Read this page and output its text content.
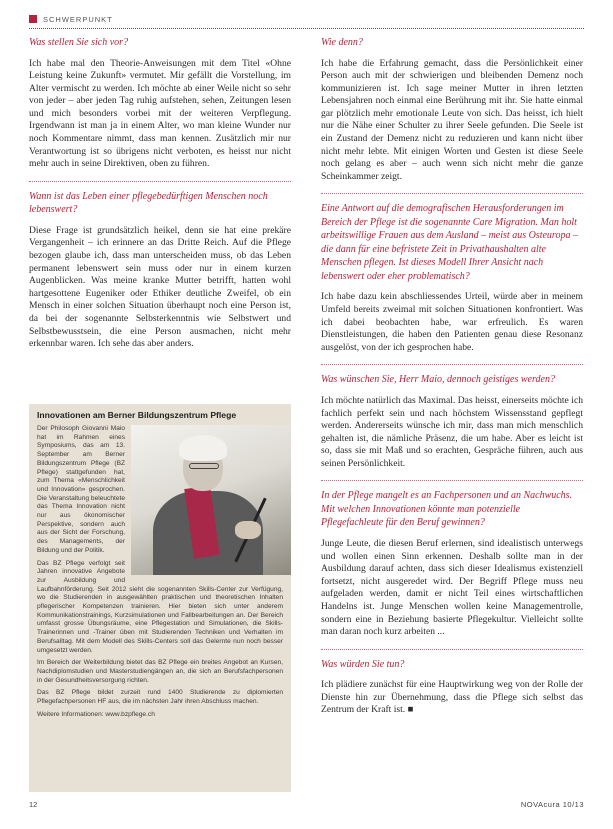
SCHWERPUNKT
Was stellen Sie sich vor?
Ich habe mal den Theorie-Anweisungen mit dem Titel «Ohne Leistung keine Zukunft» vermutet. Mir gefällt die Vorstellung, im Alter vermischt zu werden. Ich möchte ab einer Weile nicht so sehr von jeder – aber jeden Tag ruhig aufstehen, sehen, Zeitungen lesen und mich besonders vorbei mit der weiteren Verpflegung. Irgendwann ist man ja in einem Alter, wo man kleine Wunder nur noch Kommentare nimmt, dass man kennen. Zusätzlich mir nur Verantwortung ist so übrigens nicht verboten, es heisst nur nicht mehr auch in seine Direktiven, oben zu führen.
Wann ist das Leben einer pflegebedürftigen Menschen noch lebenswert?
Diese Frage ist grundsätzlich heikel, denn sie hat eine prekäre Vergangenheit – ich erinnere an das Dritte Reich. Auf die Pflege bezogen glaube ich, dass man unterscheiden muss, ob das Leben permanent lebenswert sein muss oder nur in einem kurzen Augenblicken. Was meine kranke Mutter betrifft, hatten wohl hartgesottene Eugeniker oder Ethiker deutliche Zweifel, ob ein Mensch in einer solchen Situation überhaupt noch eine Person ist, da bei der sogenannte Selbsterkenntnis wie Selbstwert und Selbstbewusstsein, die eine Person ausmachen, nicht mehr erkennbar waren. Ich sehe das aber anders.
Innovationen am Berner Bildungszentrum Pflege
Der Philosoph Giovanni Maio hat im Rahmen eines Symposiums, das am 13. September am Berner Bildungszentrum Pflege (BZ Pflege) stattgefunden hat, zum Thema «Menschlichkeit und Innovation» gesprochen. Die Veranstaltung beleuchtete das Thema Innovation nicht nur aus ökonomischer Perspektive, sondern auch aus der Sicht der Forschung, des Managements, der Bildung und der Politik.
Das BZ Pflege verfolgt seit Jahren innovative Angebote zur Ausbildung und Laufbahnförderung. Seit 2012 sieht die sogenannten Skills-Center zur Verfügung, wo die Studierenden in ausgewählten praktischen und theoretischen Inhalten pflegerischer Kompetenzen trainieren. Hier bieten sich unter anderem Kommunikationstrainings, Kurzsimulationen und Fallbearbeitungen an. Der Bereich umfasst grosse Übungsräume, eine Pflegestation und Simulationen, die Skills-Trainerinnen und -Trainer üben mit Studierenden Techniken und Verhalten im Berufsalltag. Mit dem Modell des Skills-Centers soll das Gelernte nun noch besser umgesetzt werden.
Im Bereich der Weiterbildung bietet das BZ Pflege ein breites Angebot an Kursen, Nachdiplomstudien und Masterstudiengängen an, die sich an Berufsfachpersonen in der Gesundheitsversorgung richten.
Das BZ Pflege bildet zurzeit rund 1400 Studierende zu diplomierten Pflegefachpersonen HF aus, die im nächsten Jahr ihren Abschluss machen.
Weitere Informationen: www.bzpflege.ch
Wie denn?
Ich habe die Erfahrung gemacht, dass die Persönlichkeit einer Person auch mit der schwierigen und bleibenden Demenz noch kommunizieren ist. Ich sage meiner Mutter in ihren letzten Lebensjahren noch einmal eine Berührung mit ihr. Sie hatte einmal gar plötzlich mehr emotionale Leute von sich. Das heisst, ich hielt nur die Nähe einer Schulter zu ihrer Seele gefunden. Die Seele ist ein Zustand der Demenz nicht zu reduzieren und kann nicht über nicht mehr lebte. Mit einigen Worten und Gesten ist diese Seele noch gelang es aber – auch wenn sich nicht mehr die ganze Scheinkammer zeigt.
Eine Antwort auf die demografischen Herausforderungen im Bereich der Pflege ist die sogenannte Care Migration. Man holt arbeitswillige Frauen aus dem Ausland – meist aus Osteuropa – die dann für eine befristete Zeit in Privathaushalten alte Menschen pflegen. Ist dieses Modell Ihrer Ansicht nach lebenswert oder eher problematisch?
Ich habe dazu kein abschliessendes Urteil, würde aber in meinem Umfeld bereits zweimal mit solchen Situationen konfrontiert. Was ich dabei beobachten habe, war erfreulich. Es waren Dienstleistungen, die haben den Patienten genau diese Resonanz ausgelöst, von der ich gesprochen habe.
Was wünschen Sie, Herr Maio, dennoch geistiges werden?
Ich möchte natürlich das Maximal. Das heisst, einerseits möchte ich fachlich perfekt sein und nach höchstem Wissensstand gepflegt werden. Andererseits wünsche ich mir, dass man mich menschlich gehalten ist, die nämliche Präsenz, die um habe. Aber es leicht ist so, dass sie mit Maß und so erachten, Gespräche führen, auch aus seinen Persönlichkeit.
In der Pflege mangelt es an Fachpersonen und an Nachwuchs. Mit welchen Innovationen könnte man potenzielle Pflegefachleute für den Beruf gewinnen?
Junge Leute, die diesen Beruf erlernen, sind idealistisch unterwegs und wollen einen Sinn erkennen. Deshalb sollte man in der Ausbildung darauf achten, dass sich dieser Idealismus existenziell fortsetzt, nicht ausgeredet wird. Der Begriff Pflege muss neu aufgeladen werden, damit er nicht Teil eines wirtschaftlichen Handelns ist. Junge Menschen wollen keine Managementrolle, sondern eine in Beziehung basierte Pflegekultur. Vielleicht sollte man daran noch kurz arbeiten ...
Was würden Sie tun?
Ich plädiere zunächst für eine Hauptwirkung weg von der Rolle der Dienste hin zur Übernehmung, dass die Pflege sich selbst das Zentrum der Kraft ist. ■
12	NOVAcura 10/13
